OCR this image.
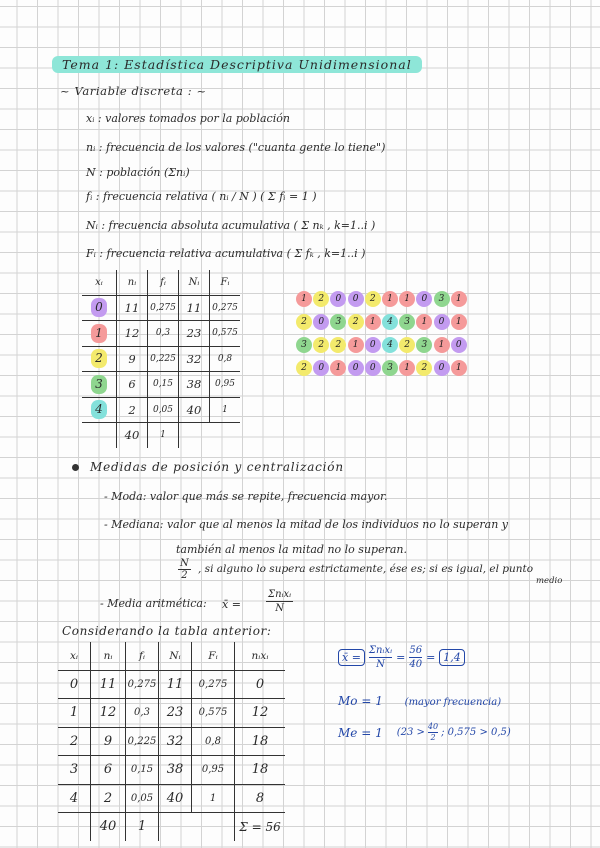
Tema 1: Estadística Descriptiva Unidimensional
~ Variable discreta : ~
xᵢ : valores tomados por la población
nᵢ : frecuencia de los valores ("cuanta gente lo tiene")
N : población (Σnᵢ)
fᵢ : frecuencia relativa ( nᵢ / N ) ( Σ fᵢ = 1 )
Nᵢ : frecuencia absoluta acumulativa ( Σ nₖ , k=1..i )
Fᵢ : frecuencia relativa acumulativa ( Σ fₖ , k=1..i )
xᵢ	nᵢ	fᵢ	Nᵢ	Fᵢ
0	11	0,275	11	0,275
1	12	0,3	23	0,575
2	9	0,225	32	0,8
3	6	0,15	38	0,95
4	2	0,05	40	1
	40	1		
1	2	0	0	2	1	1	0	3	1
2	0	3	2	1	4	3	1	0	1
3	2	2	1	0	4	2	3	1	0
2	0	1	0	0	3	1	2	0	1
Medidas de posición y centralización
- Moda: valor que más se repite, frecuencia mayor.
- Mediana: valor que al menos la mitad de los individuos no lo superan y
también al menos la mitad no lo superan.
$\frac{N}{2}$ , si alguno lo supera estrictamente, ése es; si es igual, el punto
medio
- Media aritmética: x̄ =
Σnᵢxᵢ
N
Considerando la tabla anterior:
xᵢ	nᵢ	fᵢ	Nᵢ	Fᵢ	nᵢxᵢ
0	11	0,275	11	0,275	0
1	12	0,3	23	0,575	12
2	9	0,225	32	0,8	18
3	6	0,15	38	0,95	18
4	2	0,05	40	1	8
	40	1			Σ = 56
x̄ =
Σnᵢxᵢ
N
= $\frac{56}{40} = 1,4$
Mo = 1 (mayor frecuencia)
Me = 1 ($23 > \frac{40}{2}$ ; 0,575 > 0,5)
